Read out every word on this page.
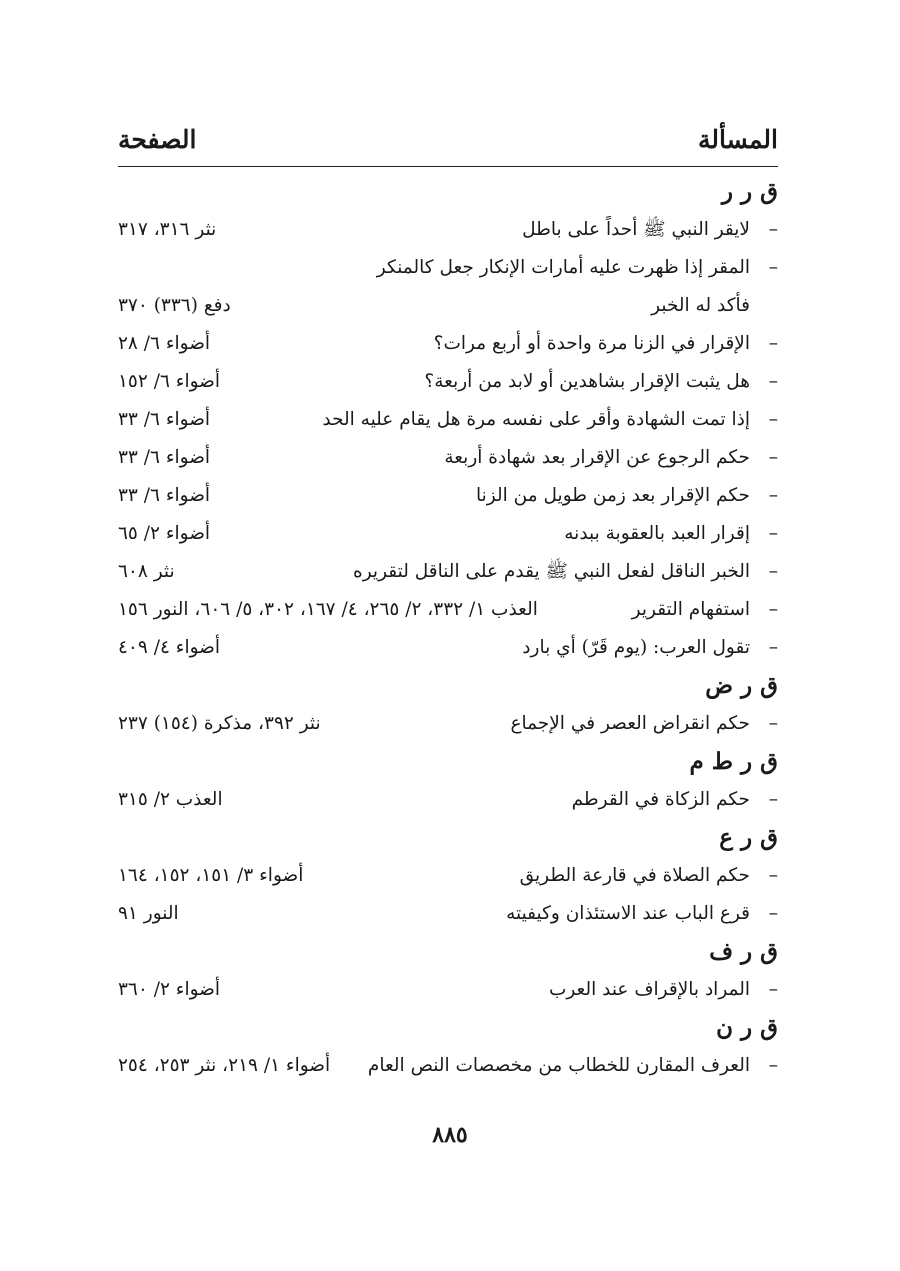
المسألة
الصفحة
ق ر ر
–
لايقر النبي ﷺ أحداً على باطل
نثر ٣١٦، ٣١٧
–
المقر إذا ظهرت عليه أمارات الإنكار جعل كالمنكر
فأكد له الخبر
دفع (٣٣٦) ٣٧٠
–
الإقرار في الزنا مرة واحدة أو أربع مرات؟
أضواء ٦/ ٢٨
–
هل يثبت الإقرار بشاهدين أو لابد من أربعة؟
أضواء ٦/ ١٥٢
–
إذا تمت الشهادة وأقر على نفسه مرة هل يقام عليه الحد
أضواء ٦/ ٣٣
–
حكم الرجوع عن الإقرار بعد شهادة أربعة
أضواء ٦/ ٣٣
–
حكم الإقرار بعد زمن طويل من الزنا
أضواء ٦/ ٣٣
–
إقرار العبد بالعقوبة ببدنه
أضواء ٢/ ٦٥
–
الخبر الناقل لفعل النبي ﷺ يقدم على الناقل لتقريره
نثر ٦٠٨
–
استفهام التقرير
العذب ١/ ٣٣٢، ٢/ ٢٦٥، ٤/ ١٦٧، ٣٠٢، ٥/ ٦٠٦، النور ١٥٦
–
تقول العرب: (يوم قَرّ) أي بارد
أضواء ٤/ ٤٠٩
ق ر ض
–
حكم انقراض العصر في الإجماع
نثر ٣٩٢، مذكرة (١٥٤) ٢٣٧
ق ر ط م
–
حكم الزكاة في القرطم
العذب ٢/ ٣١٥
ق ر ع
–
حكم الصلاة في قارعة الطريق
أضواء ٣/ ١٥١، ١٥٢، ١٦٤
–
قرع الباب عند الاستئذان وكيفيته
النور ٩١
ق ر ف
–
المراد بالإقراف عند العرب
أضواء ٢/ ٣٦٠
ق ر ن
–
العرف المقارن للخطاب من مخصصات النص العام
أضواء ١/ ٢١٩، نثر ٢٥٣، ٢٥٤
٨٨٥
